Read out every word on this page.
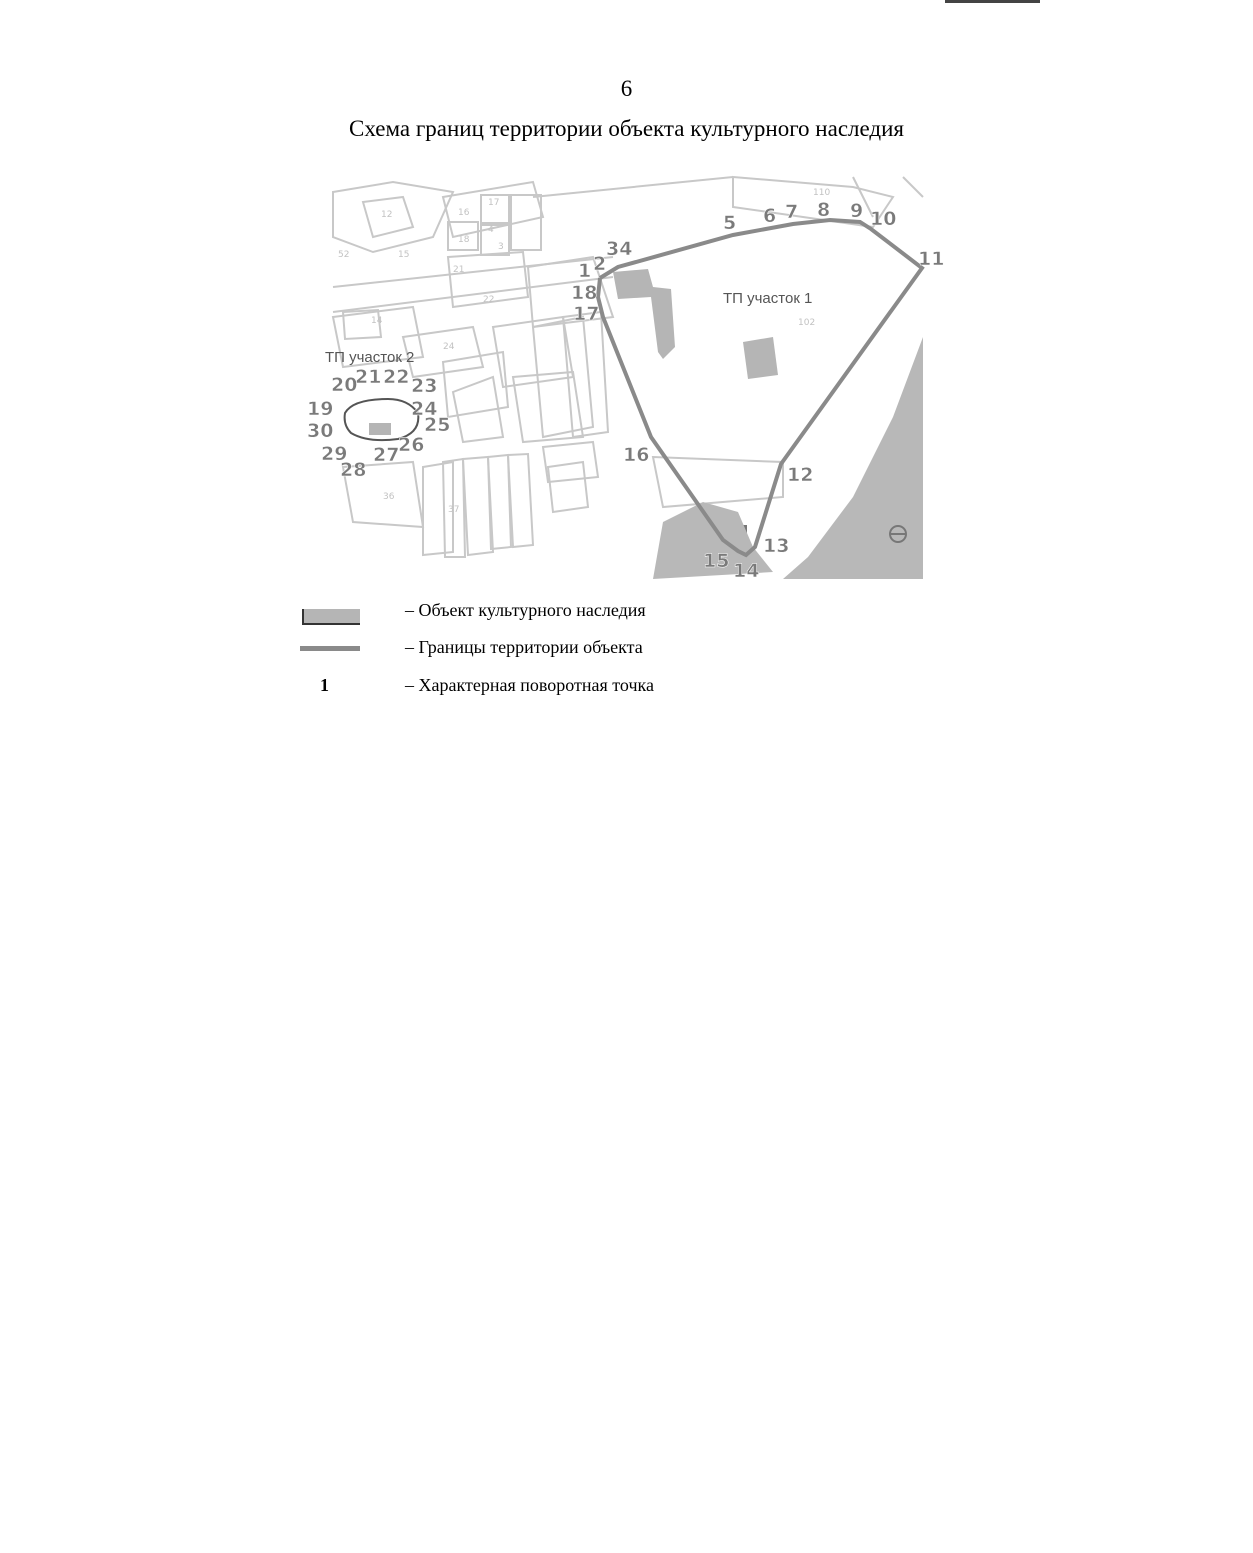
6
Схема границ территории объекта культурного наследия
1 2
34
5 6 7 8 9 10
11
12
13
14
15
16
17
18
19
20
21 22 23
24
25
26
27
28
29
30
12
15
18
16
17
4
3
21
22
52
14
24
36
110
102
37
ТП участок 1
ТП участок 2
– Объект культурного наследия
– Границы территории объекта
1	– Характерная поворотная точка
